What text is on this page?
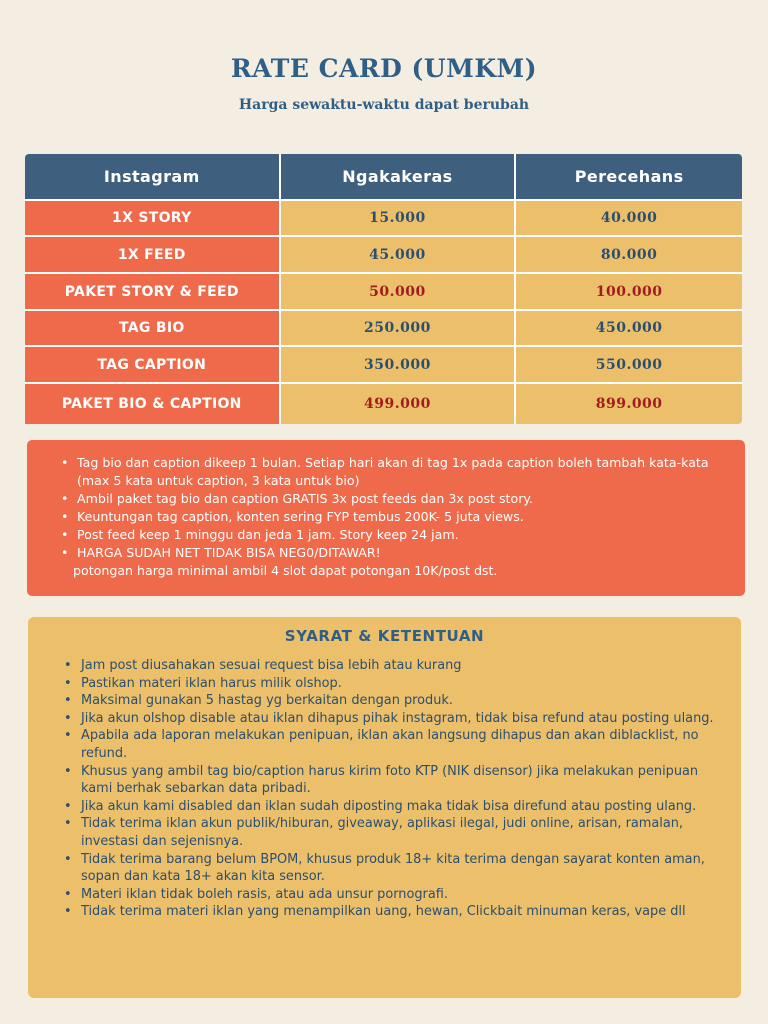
RATE CARD (UMKM)
Harga sewaktu-waktu dapat berubah
Instagram	Ngakakeras	Perecehans
1X STORY	15.000	40.000
1X FEED	45.000	80.000
PAKET STORY & FEED	50.000	100.000
TAG BIO	250.000	450.000
TAG CAPTION	350.000	550.000
PAKET BIO & CAPTION	499.000	899.000
• Tag bio dan caption dikeep 1 bulan. Setiap hari akan di tag 1x pada caption boleh tambah kata-kata (max 5 kata untuk caption, 3 kata untuk bio)
• Ambil paket tag bio dan caption GRATIS 3x post feeds dan 3x post story.
• Keuntungan tag caption, konten sering FYP tembus 200K- 5 juta views.
• Post feed keep 1 minggu dan jeda 1 jam. Story keep 24 jam.
• HARGA SUDAH NET TIDAK BISA NEG0/DITAWAR!
potongan harga minimal ambil 4 slot dapat potongan 10K/post dst.
SYARAT & KETENTUAN
• Jam post diusahakan sesuai request bisa lebih atau kurang
• Pastikan materi iklan harus milik olshop.
• Maksimal gunakan 5 hastag yg berkaitan dengan produk.
• Jika akun olshop disable atau iklan dihapus pihak instagram, tidak bisa refund atau posting ulang.
• Apabila ada laporan melakukan penipuan, iklan akan langsung dihapus dan akan diblacklist, no refund.
• Khusus yang ambil tag bio/caption harus kirim foto KTP (NIK disensor) jika melakukan penipuan kami berhak sebarkan data pribadi.
• Jika akun kami disabled dan iklan sudah diposting maka tidak bisa direfund atau posting ulang.
• Tidak terima iklan akun publik/hiburan, giveaway, aplikasi ilegal, judi online, arisan, ramalan, investasi dan sejenisnya.
• Tidak terima barang belum BPOM, khusus produk 18+ kita terima dengan sayarat konten aman, sopan dan kata 18+ akan kita sensor.
• Materi iklan tidak boleh rasis, atau ada unsur pornografi.
• Tidak terima materi iklan yang menampilkan uang, hewan, Clickbait minuman keras, vape dll
